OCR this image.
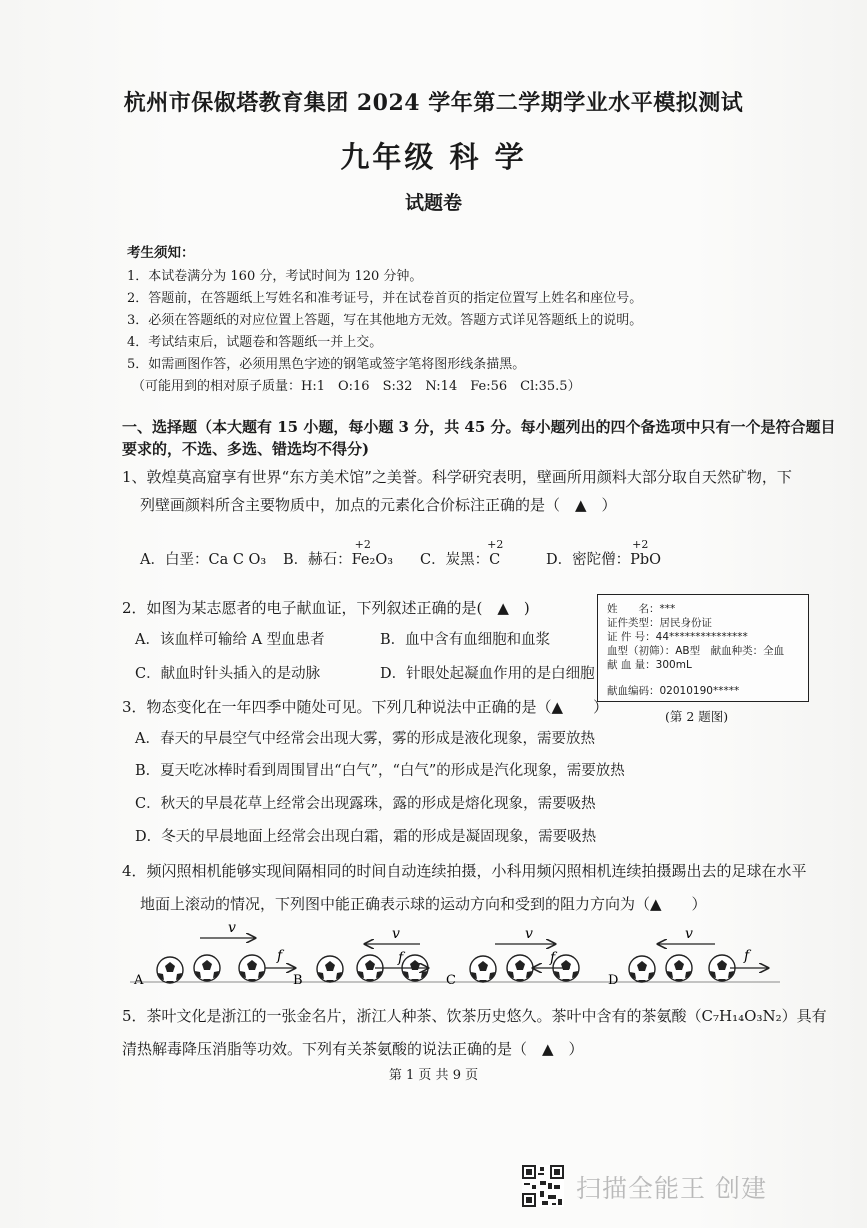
杭州市保俶塔教育集团 2024 学年第二学期学业水平模拟测试
九年级 科 学
试题卷
考生须知：
1．本试卷满分为 160 分，考试时间为 120 分钟。
2．答题前，在答题纸上写姓名和准考证号，并在试卷首页的指定位置写上姓名和座位号。
3．必须在答题纸的对应位置上答题，写在其他地方无效。答题方式详见答题纸上的说明。
4．考试结束后，试题卷和答题纸一并上交。
5．如需画图作答，必须用黑色字迹的钢笔或签字笔将图形线条描黑。
（可能用到的相对原子质量：H:1　O:16　S:32　N:14　Fe:56　Cl:35.5）
一、选择题（本大题有 15 小题，每小题 3 分，共 45 分。每小题列出的四个备选项中只有一个是符合题目
要求的，不选、多选、错选均不得分)
1、敦煌莫高窟享有世界“东方美术馆”之美誉。科学研究表明，壁画所用颜料大部分取自天然矿物，下
列壁画颜料所含主要物质中，加点的元素化合价标注正确的是（　▲　）
A．白垩：Ca C O₃ B．赫石：
+2
Fe₂O₃ C．炭黑：
+2
C	D．密陀僧：
+2
PbO
2．如图为某志愿者的电子献血证，下列叙述正确的是(　▲　)
A．该血样可输给 A 型血患者	B．血中含有血细胞和血浆
C．献血时针头插入的是动脉	D．针眼处起凝血作用的是白细胞
姓　　名：***
证件类型：居民身份证
证 件 号：44***************
血型（初筛）：AB型　献血种类：全血
献 血 量：300mL
献血编码：02010190*****
(第 2 题图)
3．物态变化在一年四季中随处可见。下列几种说法中正确的是（▲　　）
A．春天的早晨空气中经常会出现大雾，雾的形成是液化现象，需要放热
B．夏天吃冰棒时看到周围冒出“白气”，“白气”的形成是汽化现象，需要放热
C．秋天的早晨花草上经常会出现露珠，露的形成是熔化现象，需要吸热
D．冬天的早晨地面上经常会出现白霜，霜的形成是凝固现象，需要吸热
4．频闪照相机能够实现间隔相同的时间自动连续拍摄，小科用频闪照相机连续拍摄踢出去的足球在水平
地面上滚动的情况，下列图中能正确表示球的运动方向和受到的阻力方向为（▲　　）
A
v
f
B
v
f
C
v
f
D
v
f
5．茶叶文化是浙江的一张金名片，浙江人种茶、饮茶历史悠久。茶叶中含有的茶氨酸（C₇H₁₄O₃N₂）具有
清热解毒降压消脂等功效。下列有关茶氨酸的说法正确的是（　▲　）
第 1 页 共 9 页
扫描全能王 创建
